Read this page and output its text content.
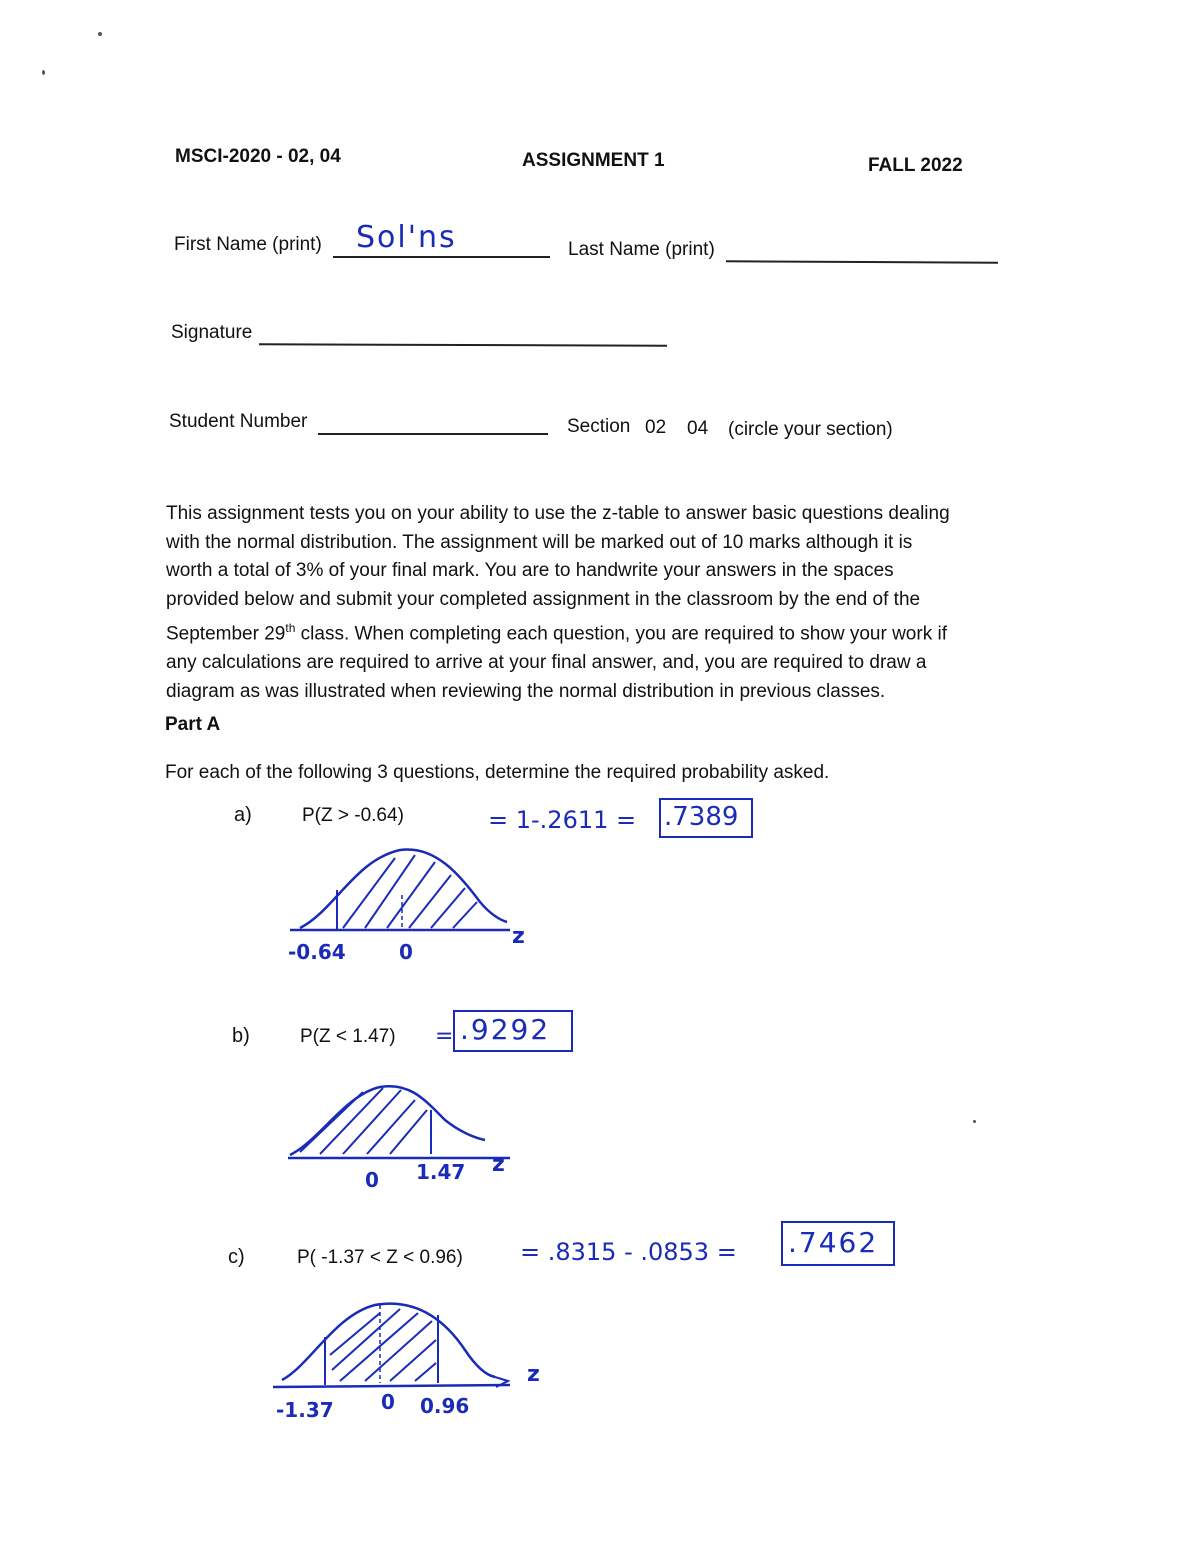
MSCI-2020 - 02, 04	ASSIGNMENT 1	FALL 2022
First Name (print) Sol'ns	Last Name (print)
Signature
Student Number	Section 02 04 (circle your section)

This assignment tests you on your ability to use the z-table to answer basic questions dealing

with the normal distribution. The assignment will be marked out of 10 marks although it is

worth a total of 3% of your final mark. You are to handwrite your answers in the spaces

provided below and submit your completed assignment in the classroom by the end of the

September 29th class. When completing each question, you are required to show your work if

any calculations are required to arrive at your final answer, and, you are required to draw a

diagram as was illustrated when reviewing the normal distribution in previous classes.

Part A
For each of the following 3 questions, determine the required probability asked.
a)	P(Z > -0.64)	= 1-.2611 = .7389
-0.64	0
z
b)	P(Z < 1.47) = .9292
0 1.47 z
c)	P( -1.37 < Z < 0.96) = .8315 - .0853 = .7462
-1.37 0 0.96
z
